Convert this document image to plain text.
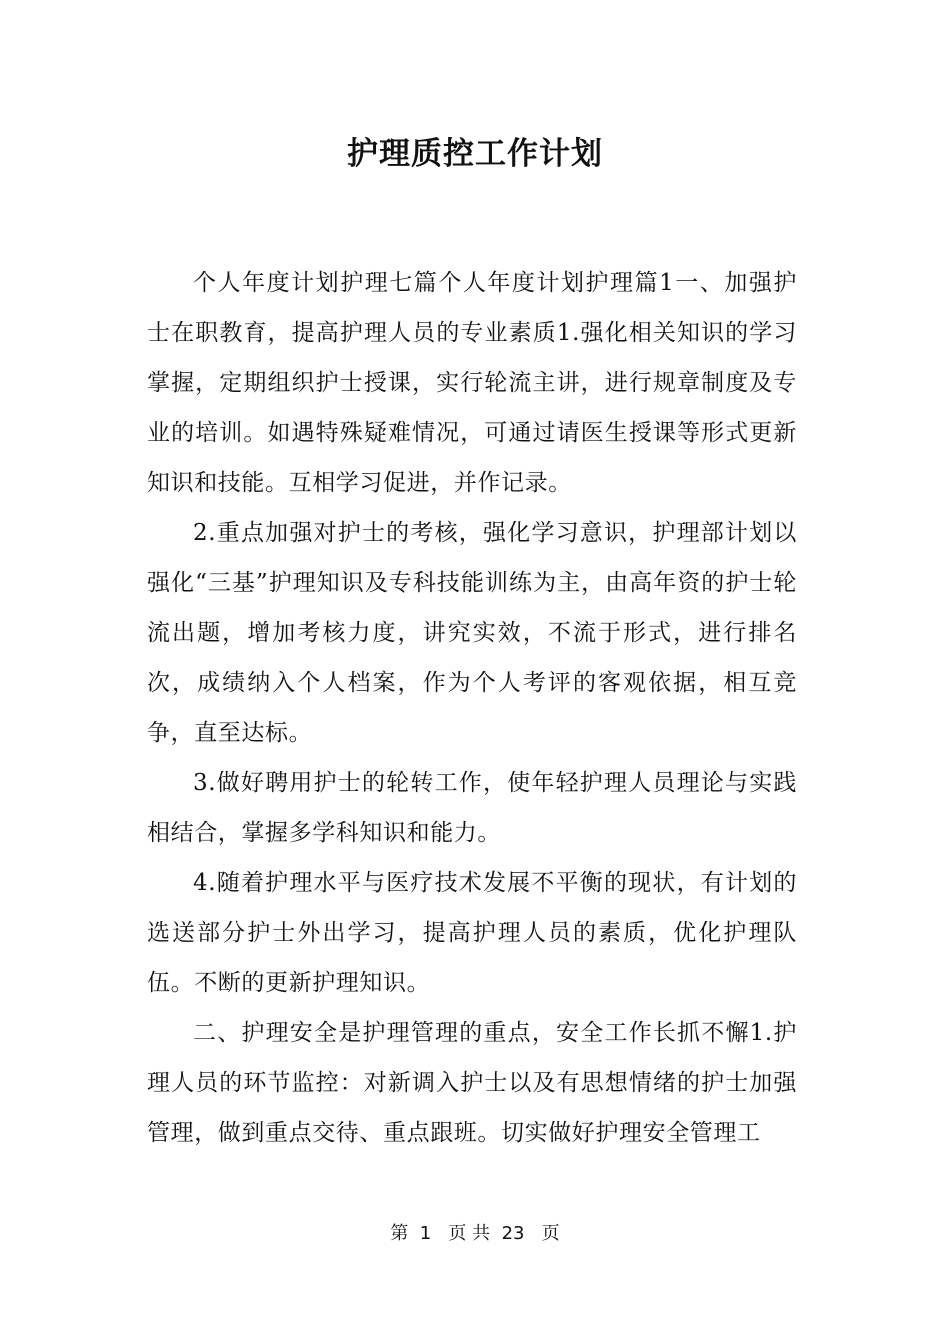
护理质控工作计划

个人年度计划护理七篇个人年度计划护理篇1一、加强护士在职教育，提高护理人员的专业素质1.强化相关知识的学习掌握，定期组织护士授课，实行轮流主讲，进行规章制度及专业的培训。如遇特殊疑难情况，可通过请医生授课等形式更新知识和技能。互相学习促进，并作记录。

2.重点加强对护士的考核，强化学习意识，护理部计划以强化“三基”护理知识及专科技能训练为主，由高年资的护士轮流出题，增加考核力度，讲究实效，不流于形式，进行排名次，成绩纳入个人档案，作为个人考评的客观依据，相互竞争，直至达标。

3.做好聘用护士的轮转工作，使年轻护理人员理论与实践相结合，掌握多学科知识和能力。

4.随着护理水平与医疗技术发展不平衡的现状，有计划的选送部分护士外出学习，提高护理人员的素质，优化护理队伍。不断的更新护理知识。

二、护理安全是护理管理的重点，安全工作长抓不懈1.护理人员的环节监控：对新调入护士以及有思想情绪的护士加强管理，做到重点交待、重点跟班。切实做好护理安全管理工

第  1   页 共  23   页
